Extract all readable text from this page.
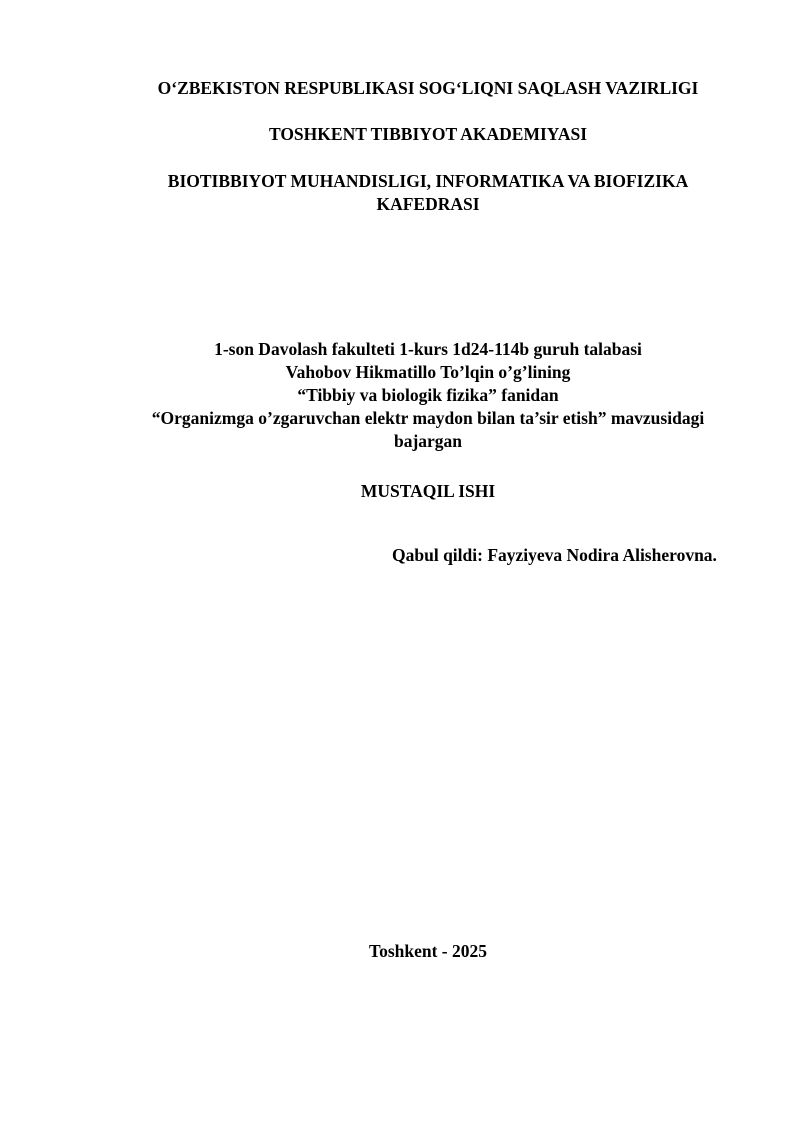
O‘ZBEKISTON RESPUBLIKASI SOG‘LIQNI SAQLASH VAZIRLIGI
TOSHKENT TIBBIYOT AKADEMIYASI
BIOTIBBIYOT MUHANDISLIGI, INFORMATIKA VA BIOFIZIKA
KAFEDRASI
1-son Davolash fakulteti 1-kurs 1d24-114b guruh talabasi
Vahobov Hikmatillo To’lqin o’g’lining
“Tibbiy va biologik fizika” fanidan
“Organizmga o’zgaruvchan elektr maydon bilan ta’sir etish” mavzusidagi
bajargan
MUSTAQIL ISHI
Qabul qildi: Fayziyeva Nodira Alisherovna.
Toshkent - 2025
